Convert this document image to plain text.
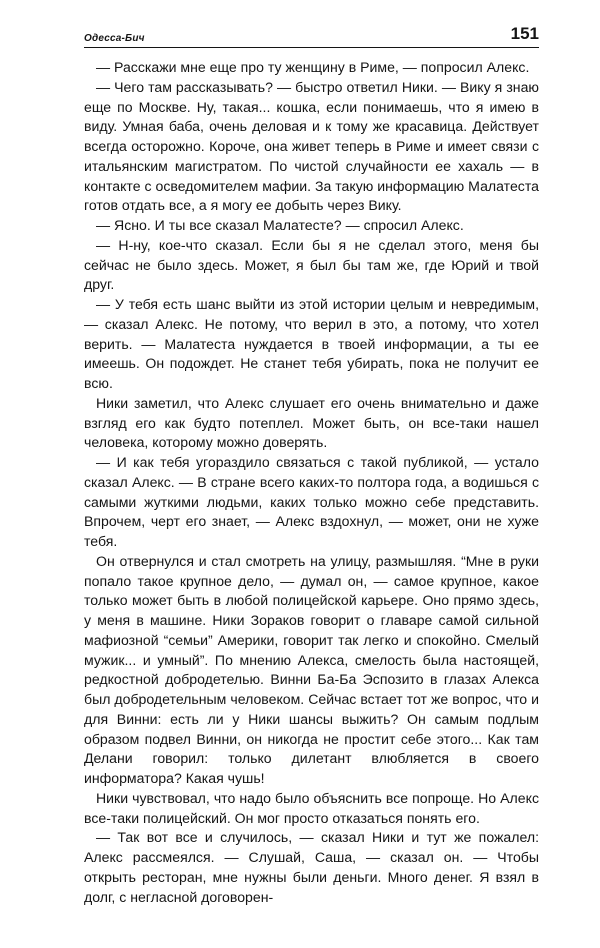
Одесса-Бич	151

— Расскажи мне еще про ту женщину в Риме, — попросил Алекс.

— Чего там рассказывать? — быстро ответил Ники. — Вику я знаю еще по Москве. Ну, такая... кошка, если понимаешь, что я имею в виду. Умная баба, очень деловая и к тому же красавица. Действует всегда осторожно. Короче, она живет теперь в Риме и имеет связи с итальянским магистратом. По чистой случайности ее хахаль — в контакте с осведомителем мафии. За такую информацию Малатеста готов отдать все, а я могу ее добыть через Вику.

— Ясно. И ты все сказал Малатесте? — спросил Алекс.

— Н-ну, кое-что сказал. Если бы я не сделал этого, меня бы сейчас не было здесь. Может, я был бы там же, где Юрий и твой друг.

— У тебя есть шанс выйти из этой истории целым и невредимым, — сказал Алекс. Не потому, что верил в это, а потому, что хотел верить. — Малатеста нуждается в твоей информации, а ты ее имеешь. Он подождет. Не станет тебя убирать, пока не получит ее всю.

Ники заметил, что Алекс слушает его очень внимательно и даже взгляд его как будто потеплел. Может быть, он все-таки нашел человека, которому можно доверять.

— И как тебя угораздило связаться с такой публикой, — устало сказал Алекс. — В стране всего каких-то полтора года, а водишься с самыми жуткими людьми, каких только можно себе представить. Впрочем, черт его знает, — Алекс вздохнул, — может, они не хуже тебя.

Он отвернулся и стал смотреть на улицу, размышляя. “Мне в руки попало такое крупное дело, — думал он, — самое крупное, какое только может быть в любой полицейской карьере. Оно прямо здесь, у меня в машине. Ники Зораков говорит о главаре самой сильной мафиозной “семьи” Америки, говорит так легко и спокойно. Смелый мужик... и умный”. По мнению Алекса, смелость была настоящей, редкостной добродетелью. Винни Ба-Ба Эспозито в глазах Алекса был добродетельным человеком. Сейчас встает тот же вопрос, что и для Винни: есть ли у Ники шансы выжить? Он самым подлым образом подвел Винни, он никогда не простит себе этого... Как там Делани говорил: только дилетант влюбляется в своего информатора? Какая чушь!

Ники чувствовал, что надо было объяснить все попроще. Но Алекс все-таки полицейский. Он мог просто отказаться понять его.

— Так вот все и случилось, — сказал Ники и тут же пожалел: Алекс рассмеялся. — Слушай, Саша, — сказал он. — Чтобы открыть ресторан, мне нужны были деньги. Много денег. Я взял в долг, с негласной договорен-
